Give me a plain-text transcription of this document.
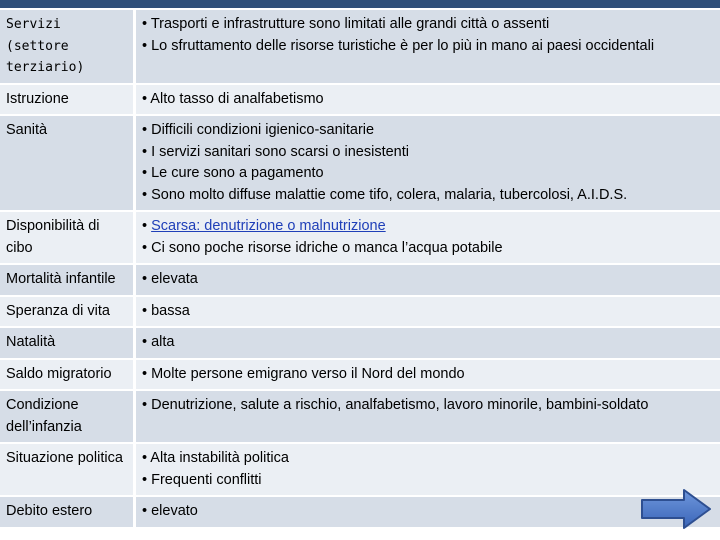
Servizi (settore terziario)	• Trasporti e infrastrutture sono limitati alle grandi città o assenti
• Lo sfruttamento delle risorse turistiche è per lo più in mano ai paesi occidentali

Istruzione	• Alto tasso di analfabetismo

Sanità	• Difficili condizioni igienico-sanitarie
• I servizi sanitari sono scarsi o inesistenti
• Le cure sono a pagamento
• Sono molto diffuse malattie come tifo, colera, malaria, tubercolosi, A.I.D.S.

Disponibilità di cibo	• Scarsa: denutrizione o malnutrizione
• Ci sono poche risorse idriche o manca l’acqua potabile

Mortalità infantile	• elevata

Speranza di vita	• bassa

Natalità	• alta

Saldo migratorio	• Molte persone emigrano verso il Nord del mondo

Condizione dell’infanzia	• Denutrizione, salute a rischio, analfabetismo, lavoro minorile, bambini-soldato

Situazione politica	• Alta instabilità politica
• Frequenti conflitti

Debito estero	• elevato
